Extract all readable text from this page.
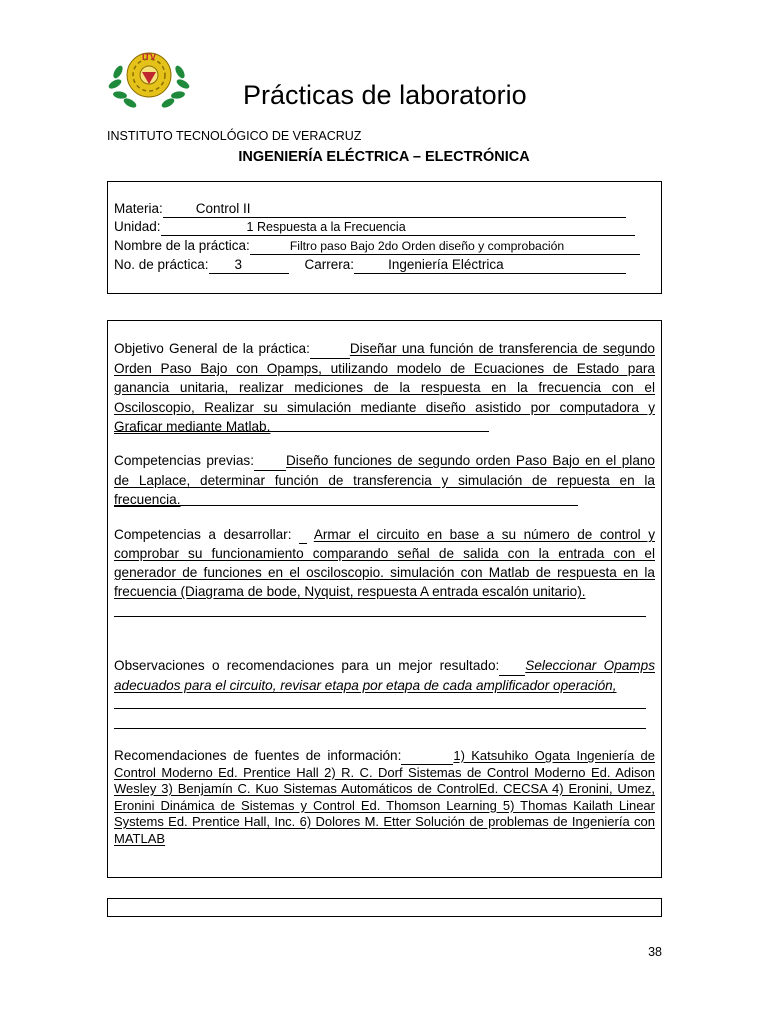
ITV
Prácticas de laboratorio
INSTITUTO TECNOLÓGICO DE VERACRUZ
INGENIERÍA ELÉCTRICA – ELECTRÓNICA
Materia: Control II
Unidad:	1 Respuesta a la Frecuencia
Nombre de la práctica:	Filtro paso Bajo 2do Orden diseño y comprobación
No. de práctica: 3	Carrera:	Ingeniería Eléctrica
Objetivo General de la práctica:	Diseñar una función de transferencia de segundo Orden Paso Bajo con Opamps, utilizando modelo de Ecuaciones de Estado para ganancia unitaria, realizar mediciones de la respuesta en la frecuencia con el Osciloscopio, Realizar su simulación mediante diseño asistido por computadora y Graficar mediante Matlab.
Competencias previas: Diseño funciones de segundo orden Paso Bajo en el plano de Laplace, determinar función de transferencia y simulación de repuesta en la frecuencia.
Competencias a desarrollar: Armar el circuito en base a su número de control y comprobar su funcionamiento comparando señal de salida con la entrada con el generador de funciones en el osciloscopio. simulación con Matlab de respuesta en la frecuencia (Diagrama de bode, Nyquist, respuesta A entrada escalón unitario).
Observaciones o recomendaciones para un mejor resultado: Seleccionar Opamps adecuados para el circuito, revisar etapa por etapa de cada amplificador operación,
Recomendaciones de fuentes de información:	1) Katsuhiko Ogata Ingeniería de Control Moderno Ed. Prentice Hall 2) R. C. Dorf Sistemas de Control Moderno Ed. Adison Wesley 3) Benjamín C. Kuo Sistemas Automáticos de ControlEd. CECSA 4) Eronini, Umez, Eronini Dinámica de Sistemas y Control Ed. Thomson Learning 5) Thomas Kailath Linear Systems Ed. Prentice Hall, Inc. 6) Dolores M. Etter Solución de problemas de Ingeniería con MATLAB
38
